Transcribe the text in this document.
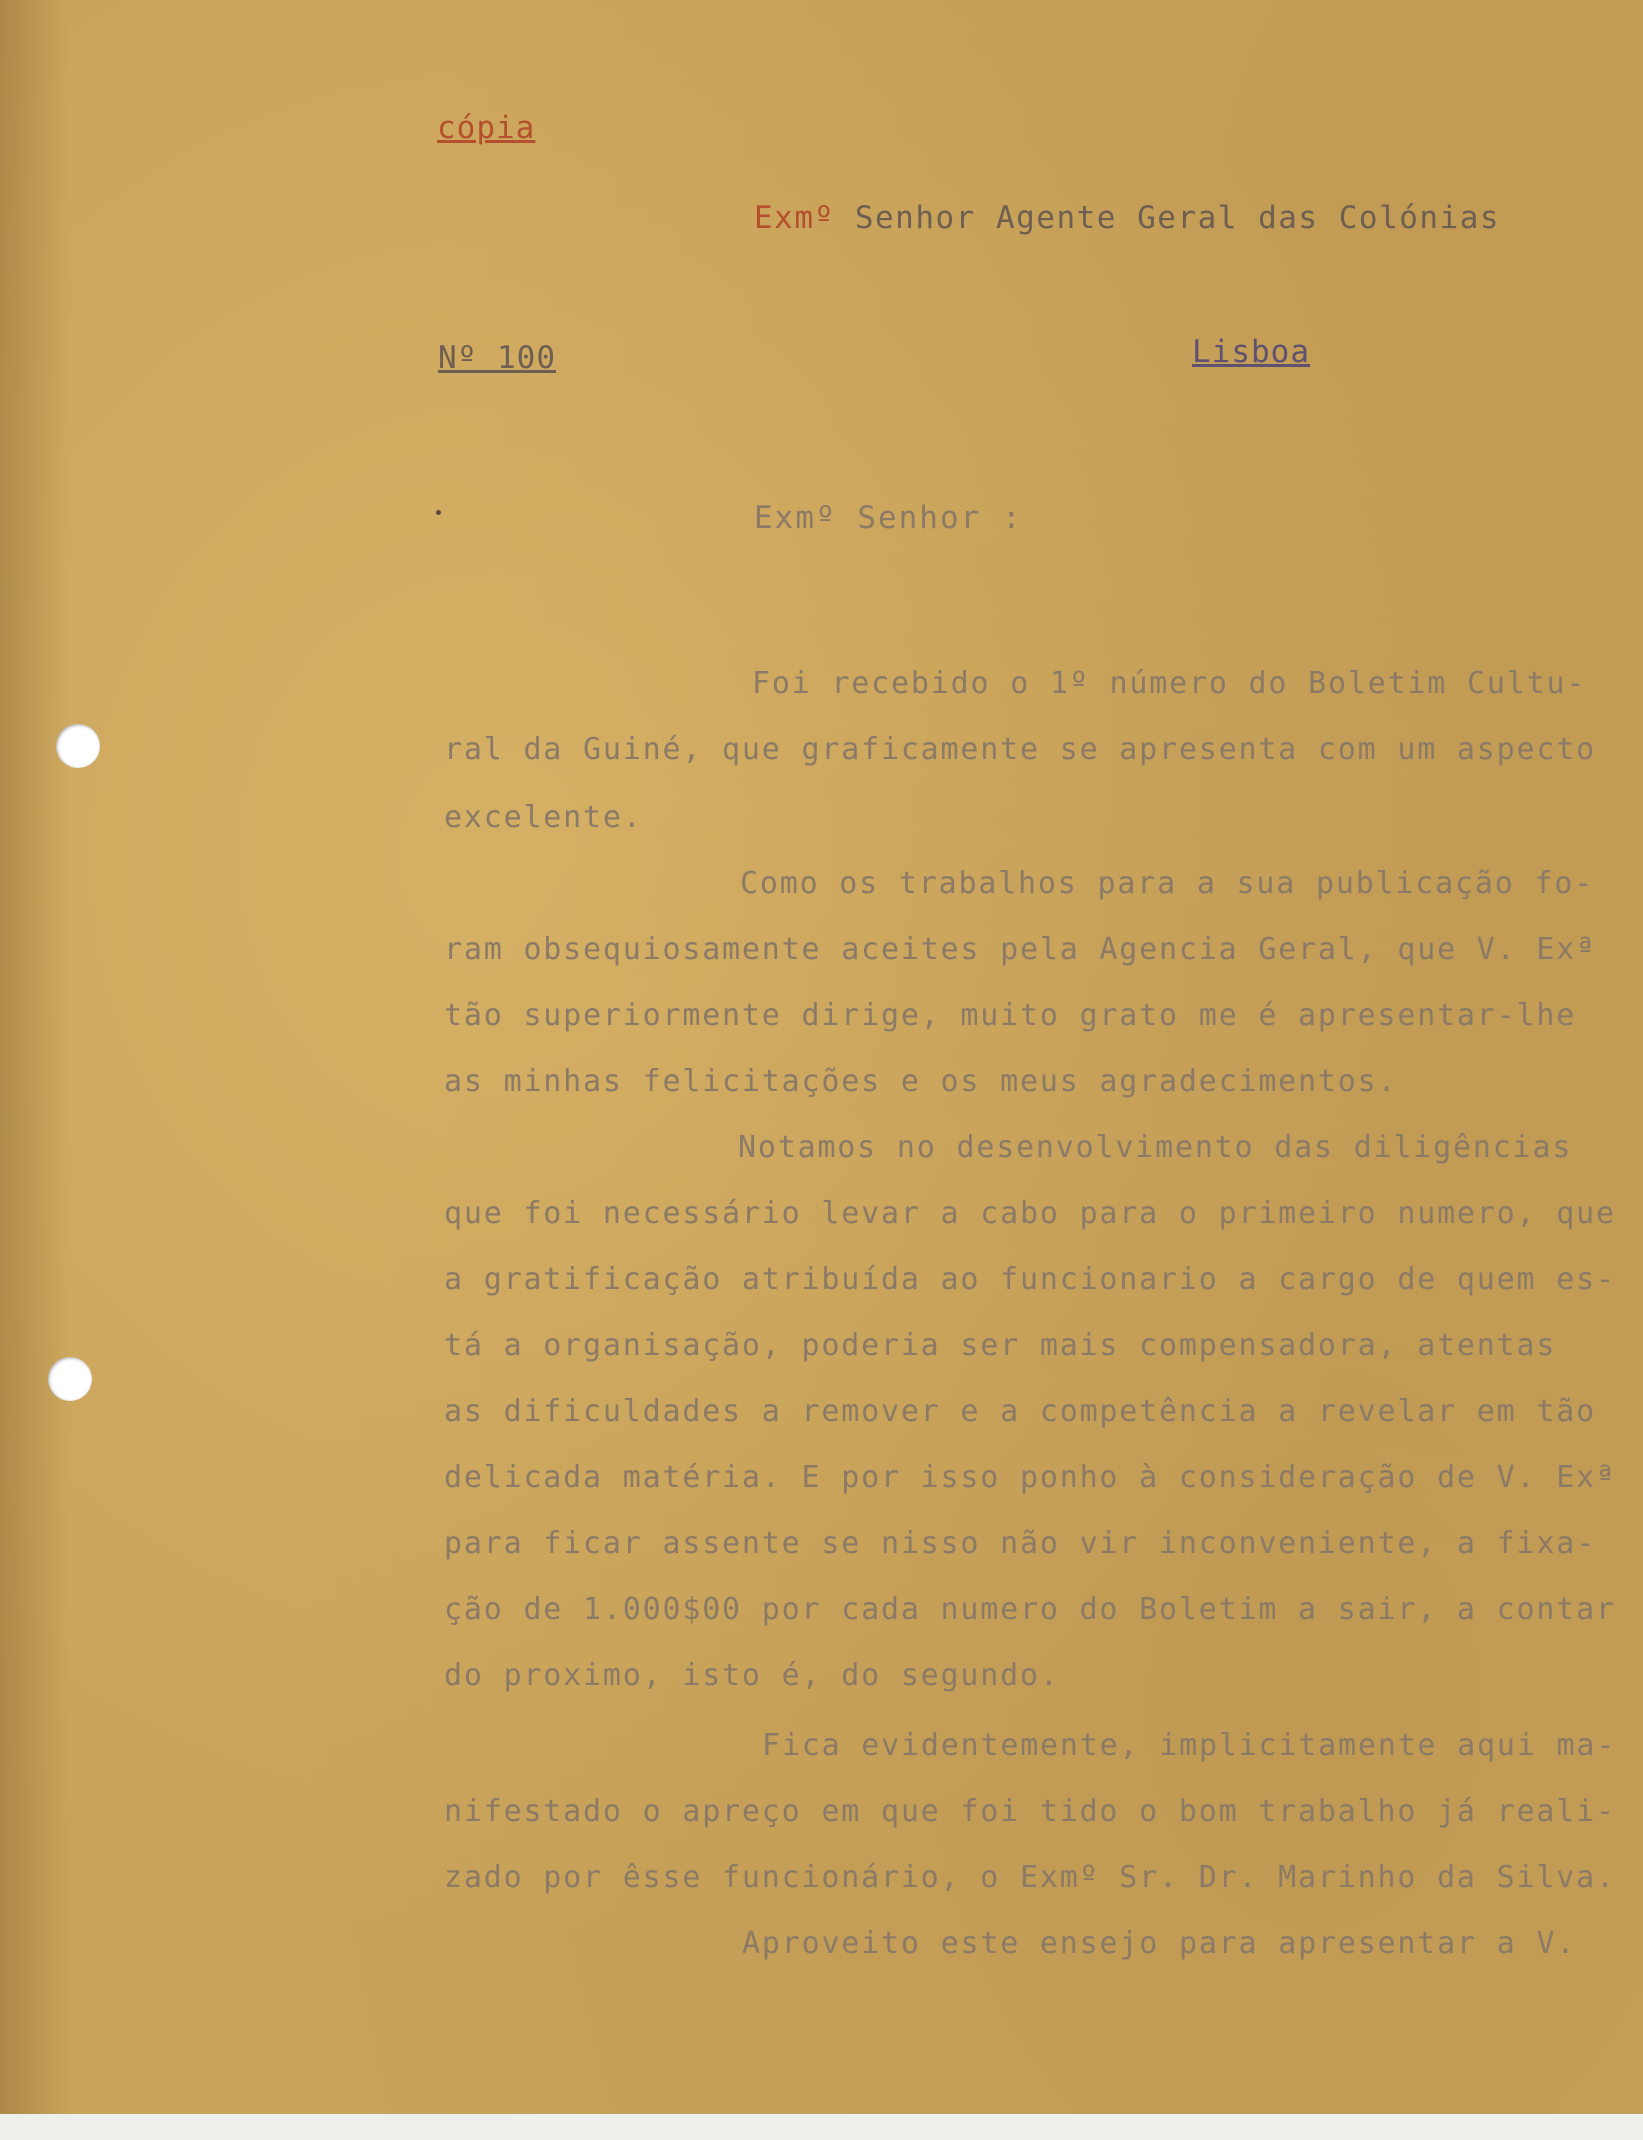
cópia
Exmº Senhor Agente Geral das Colónias
Nº 100	Lisboa
Exmº Senhor :
Foi recebido o 1º número do Boletim Cultu-
ral da Guiné, que graficamente se apresenta com um aspecto
excelente.
Como os trabalhos para a sua publicação fo-
ram obsequiosamente aceites pela Agencia Geral, que V. Exª
tão superiormente dirige, muito grato me é apresentar-lhe
as minhas felicitações e os meus agradecimentos.
Notamos no desenvolvimento das diligências
que foi necessário levar a cabo para o primeiro numero, que
a gratificação atribuída ao funcionario a cargo de quem es-
tá a organisação, poderia ser mais compensadora, atentas
as dificuldades a remover e a competência a revelar em tão
delicada matéria. E por isso ponho à consideração de V. Exª
para ficar assente se nisso não vir inconveniente, a fixa-
ção de 1.000$00 por cada numero do Boletim a sair, a contar
do proximo, isto é, do segundo.
Fica evidentemente, implicitamente aqui ma-
nifestado o apreço em que foi tido o bom trabalho já reali-
zado por êsse funcionário, o Exmº Sr. Dr. Marinho da Silva.
Aproveito este ensejo para apresentar a V.
